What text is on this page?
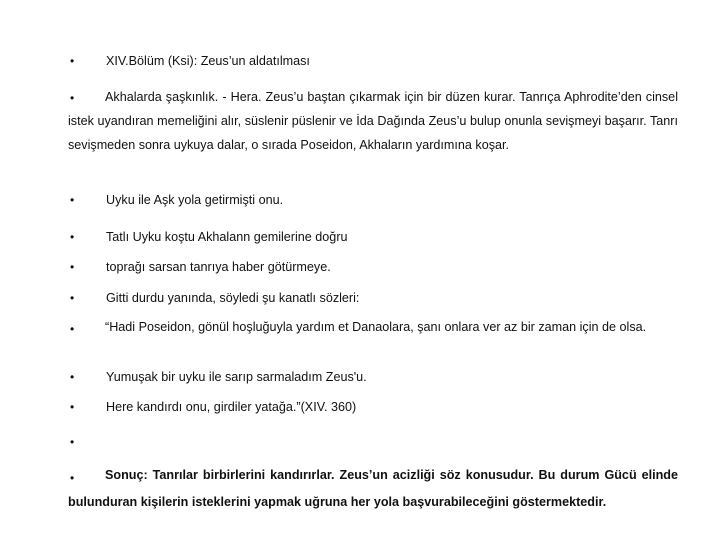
•	XIV.Bölüm (Ksi): Zeus’un aldatılması
•	Akhalarda şaşkınlık. - Hera. Zeus’u baştan çıkarmak için bir düzen kurar. Tanrıça Aphrodite’den cinsel istek uyandıran memeliğini alır, süslenir püslenir ve İda Dağında Zeus’u bulup onunla sevişmeyi başarır. Tanrı sevişmeden sonra uykuya dalar, o sırada Poseidon, Akhaların yardımına koşar.
•	Uyku ile Aşk yola getirmişti onu.
•	Tatlı Uyku koştu Akhalann gemilerine doğru
•	toprağı sarsan tanrıya haber götürmeye.
•	Gitti durdu yanında, söyledi şu kanatlı sözleri:
•	“Hadi Poseidon, gönül hoşluğuyla yardım et Danaolara, şanı onlara ver az bir zaman için de olsa.
•	Yumuşak bir uyku ile sarıp sarmaladım Zeus'u.
•	Here kandırdı onu, girdiler yatağa.”(XIV. 360)
•
•	Sonuç: Tanrılar birbirlerini kandırırlar. Zeus’un acizliği söz konusudur. Bu durum Gücü elinde bulunduran kişilerin isteklerini yapmak uğruna her yola başvurabileceğini göstermektedir.
